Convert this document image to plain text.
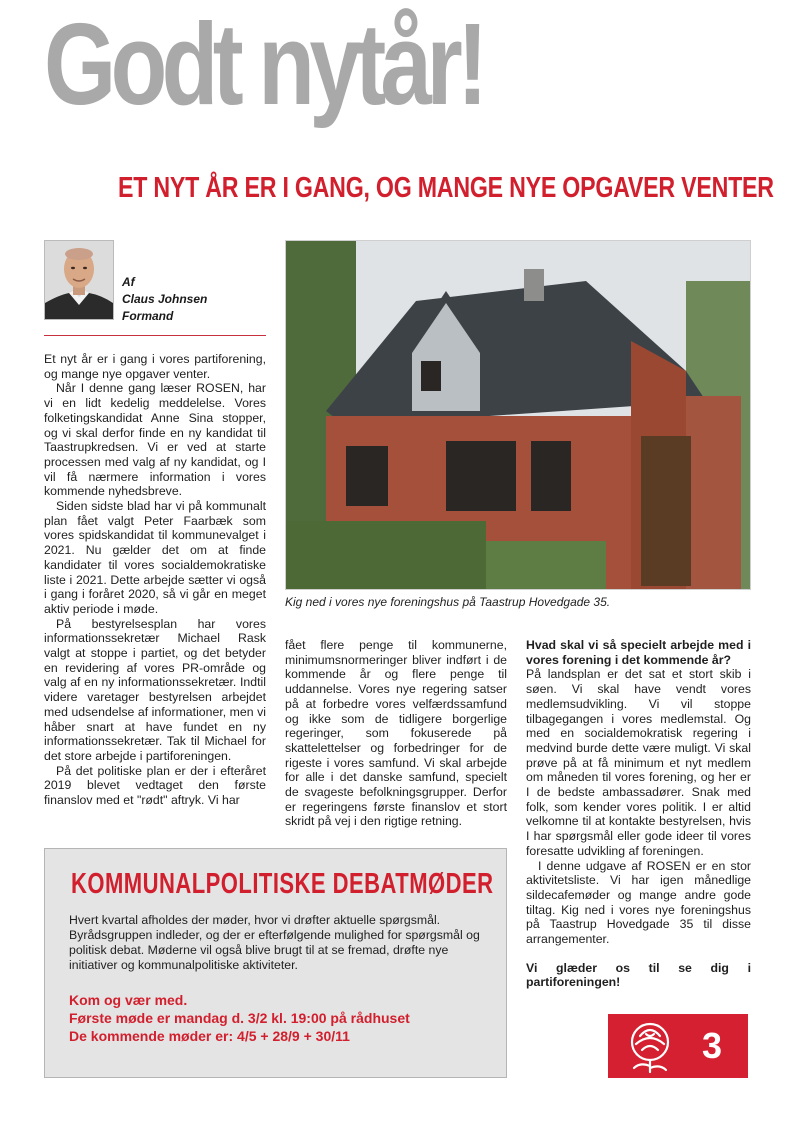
Godt nytår!
ET NYT ÅR ER I GANG, OG MANGE NYE OPGAVER VENTER
Af
Claus Johnsen
Formand

Et nyt år er i gang i vores partiforening, og mange nye opgaver venter.

Når I denne gang læser ROSEN, har vi en lidt kedelig meddelelse. Vores folketingskandidat Anne Sina stopper, og vi skal derfor finde en ny kandidat til Taastrupkredsen. Vi er ved at starte processen med valg af ny kandidat, og I vil få nærmere information i vores kommende nyhedsbreve.

Siden sidste blad har vi på kommunalt plan fået valgt Peter Faarbæk som vores spidskandidat til kommunevalget i 2021. Nu gælder det om at finde kandidater til vores socialdemokratiske liste i 2021. Dette arbejde sætter vi også i gang i foråret 2020, så vi går en meget aktiv periode i møde.

På bestyrelsesplan har vores informationssekretær Michael Rask valgt at stoppe i partiet, og det betyder en revidering af vores PR-område og valg af en ny informationssekretær. Indtil videre varetager bestyrelsen arbejdet med udsendelse af informationer, men vi håber snart at have fundet en ny informationssekretær. Tak til Michael for det store arbejde i partiforeningen.

På det politiske plan er der i efteråret 2019 blevet vedtaget den første finanslov med et "rødt" aftryk. Vi har

Kig ned i vores nye foreningshus på Taastrup Hovedgade 35.

fået flere penge til kommunerne, minimumsnormeringer bliver indført i de kommende år og flere penge til uddannelse. Vores nye regering satser på at forbedre vores velfærdssamfund og ikke som de tidligere borgerlige regeringer, som fokuserede på skattelettelser og forbedringer for de rigeste i vores samfund. Vi skal arbejde for alle i det danske samfund, specielt de svageste befolkningsgrupper. Derfor er regeringens første finanslov et stort skridt på vej i den rigtige retning.

Hvad skal vi så specielt arbejde med i vores forening i det kommende år?

På landsplan er det sat et stort skib i søen. Vi skal have vendt vores medlemsudvikling. Vi vil stoppe tilbagegangen i vores medlemstal. Og med en socialdemokratisk regering i medvind burde dette være muligt. Vi skal prøve på at få minimum et nyt medlem om måneden til vores forening, og her er I de bedste ambassadører. Snak med folk, som kender vores politik. I er altid velkomne til at kontakte bestyrelsen, hvis I har spørgsmål eller gode ideer til vores foresatte udvikling af foreningen.

I denne udgave af ROSEN er en stor aktivitetsliste. Vi har igen månedlige sildecafemøder og mange andre gode tiltag. Kig ned i vores nye foreningshus på Taastrup Hovedgade 35 til disse arrangementer.

Vi glæder os til se dig i partiforeningen!

KOMMUNALPOLITISKE DEBATMØDER
Hvert kvartal afholdes der møder, hvor vi drøfter aktuelle spørgsmål. Byrådsgruppen indleder, og der er efterfølgende mulighed for spørgsmål og politisk debat. Møderne vil også blive brugt til at se fremad, drøfte nye initiativer og kommunalpolitiske aktiviteter.
Kom og vær med.
Første møde er mandag d. 3/2 kl. 19:00 på rådhuset
De kommende møder er: 4/5 + 28/9 + 30/11	3
